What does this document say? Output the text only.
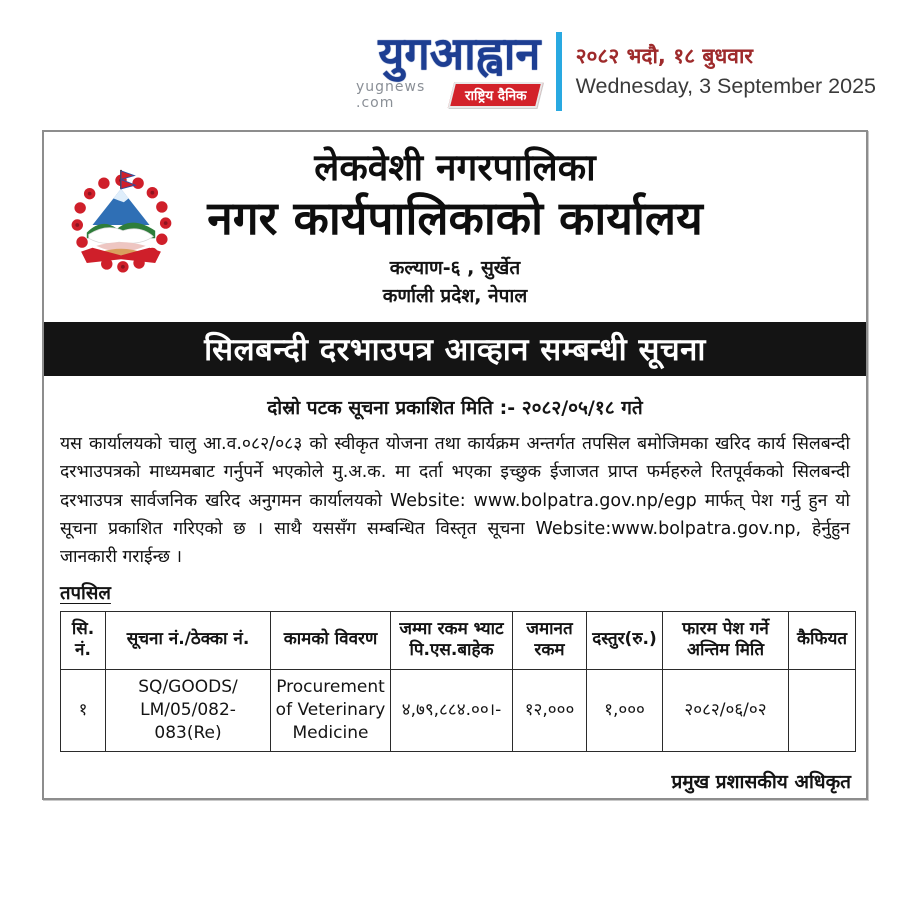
युगआह्वान
yugnews .com	राष्ट्रिय दैनिक
२०८२ भदौ, १८ बुधवार
Wednesday, 3 September 2025
लेकवेशी नगरपालिका
नगर कार्यपालिकाको कार्यालय
कल्याण-६ , सुर्खेत
कर्णाली प्रदेश, नेपाल
सिलबन्दी दरभाउपत्र आव्हान सम्बन्धी सूचना
दोस्रो पटक सूचना प्रकाशित मिति :- २०८२/०५/१८ गते
यस कार्यालयको चालु आ.व.०८२/०८३ को स्वीकृत योजना तथा कार्यक्रम अन्तर्गत तपसिल बमोजिमका खरिद कार्य सिलबन्दी दरभाउपत्रको माध्यमबाट गर्नुपर्ने भएकोले मु.अ.क. मा दर्ता भएका इच्छुक ईजाजत प्राप्त फर्महरुले रितपूर्वकको सिलबन्दी दरभाउपत्र सार्वजनिक खरिद अनुगमन कार्यालयको Website: www.bolpatra.gov.np/egp मार्फत् पेश गर्नु हुन यो सूचना प्रकाशित गरिएको छ । साथै यससँग सम्बन्धित विस्तृत सूचना Website:www.bolpatra.gov.np, हेर्नुहुन जानकारी गराईन्छ ।
तपसिल
सि. नं.	सूचना नं./ठेक्का नं.	कामको विवरण	जम्मा रकम भ्याट पि.एस.बाहेक	जमानत रकम	दस्तुर(रु.)	फारम पेश गर्ने अन्तिम मिति	कैफियत
१	SQ/GOODS/ LM/05/082-083(Re)	Procurement of Veterinary Medicine	४,७९,८८४.००।-	१२,०००	१,०००	२०८२/०६/०२	
प्रमुख प्रशासकीय अधिकृत
